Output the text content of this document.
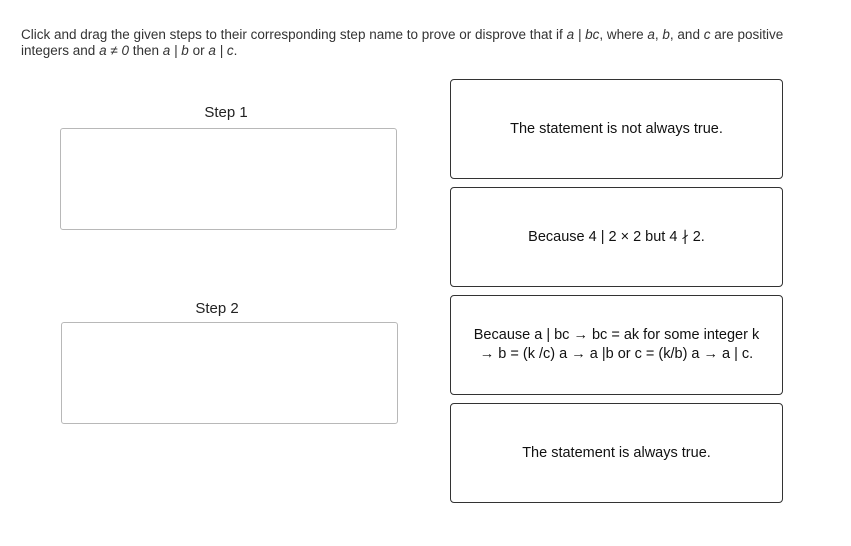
Click and drag the given steps to their corresponding step name to prove or disprove that if a | bc, where a, b, and c are positive integers and a ≠ 0 then a | b or a | c.
Step 1
Step 2
The statement is not always true.
Because 4 | 2 × 2 but 4 ∤ 2.
Because a | bc → bc = ak for some integer k
→ b = (k /c) a → a |b or c = (k/b) a → a | c.
The statement is always true.
